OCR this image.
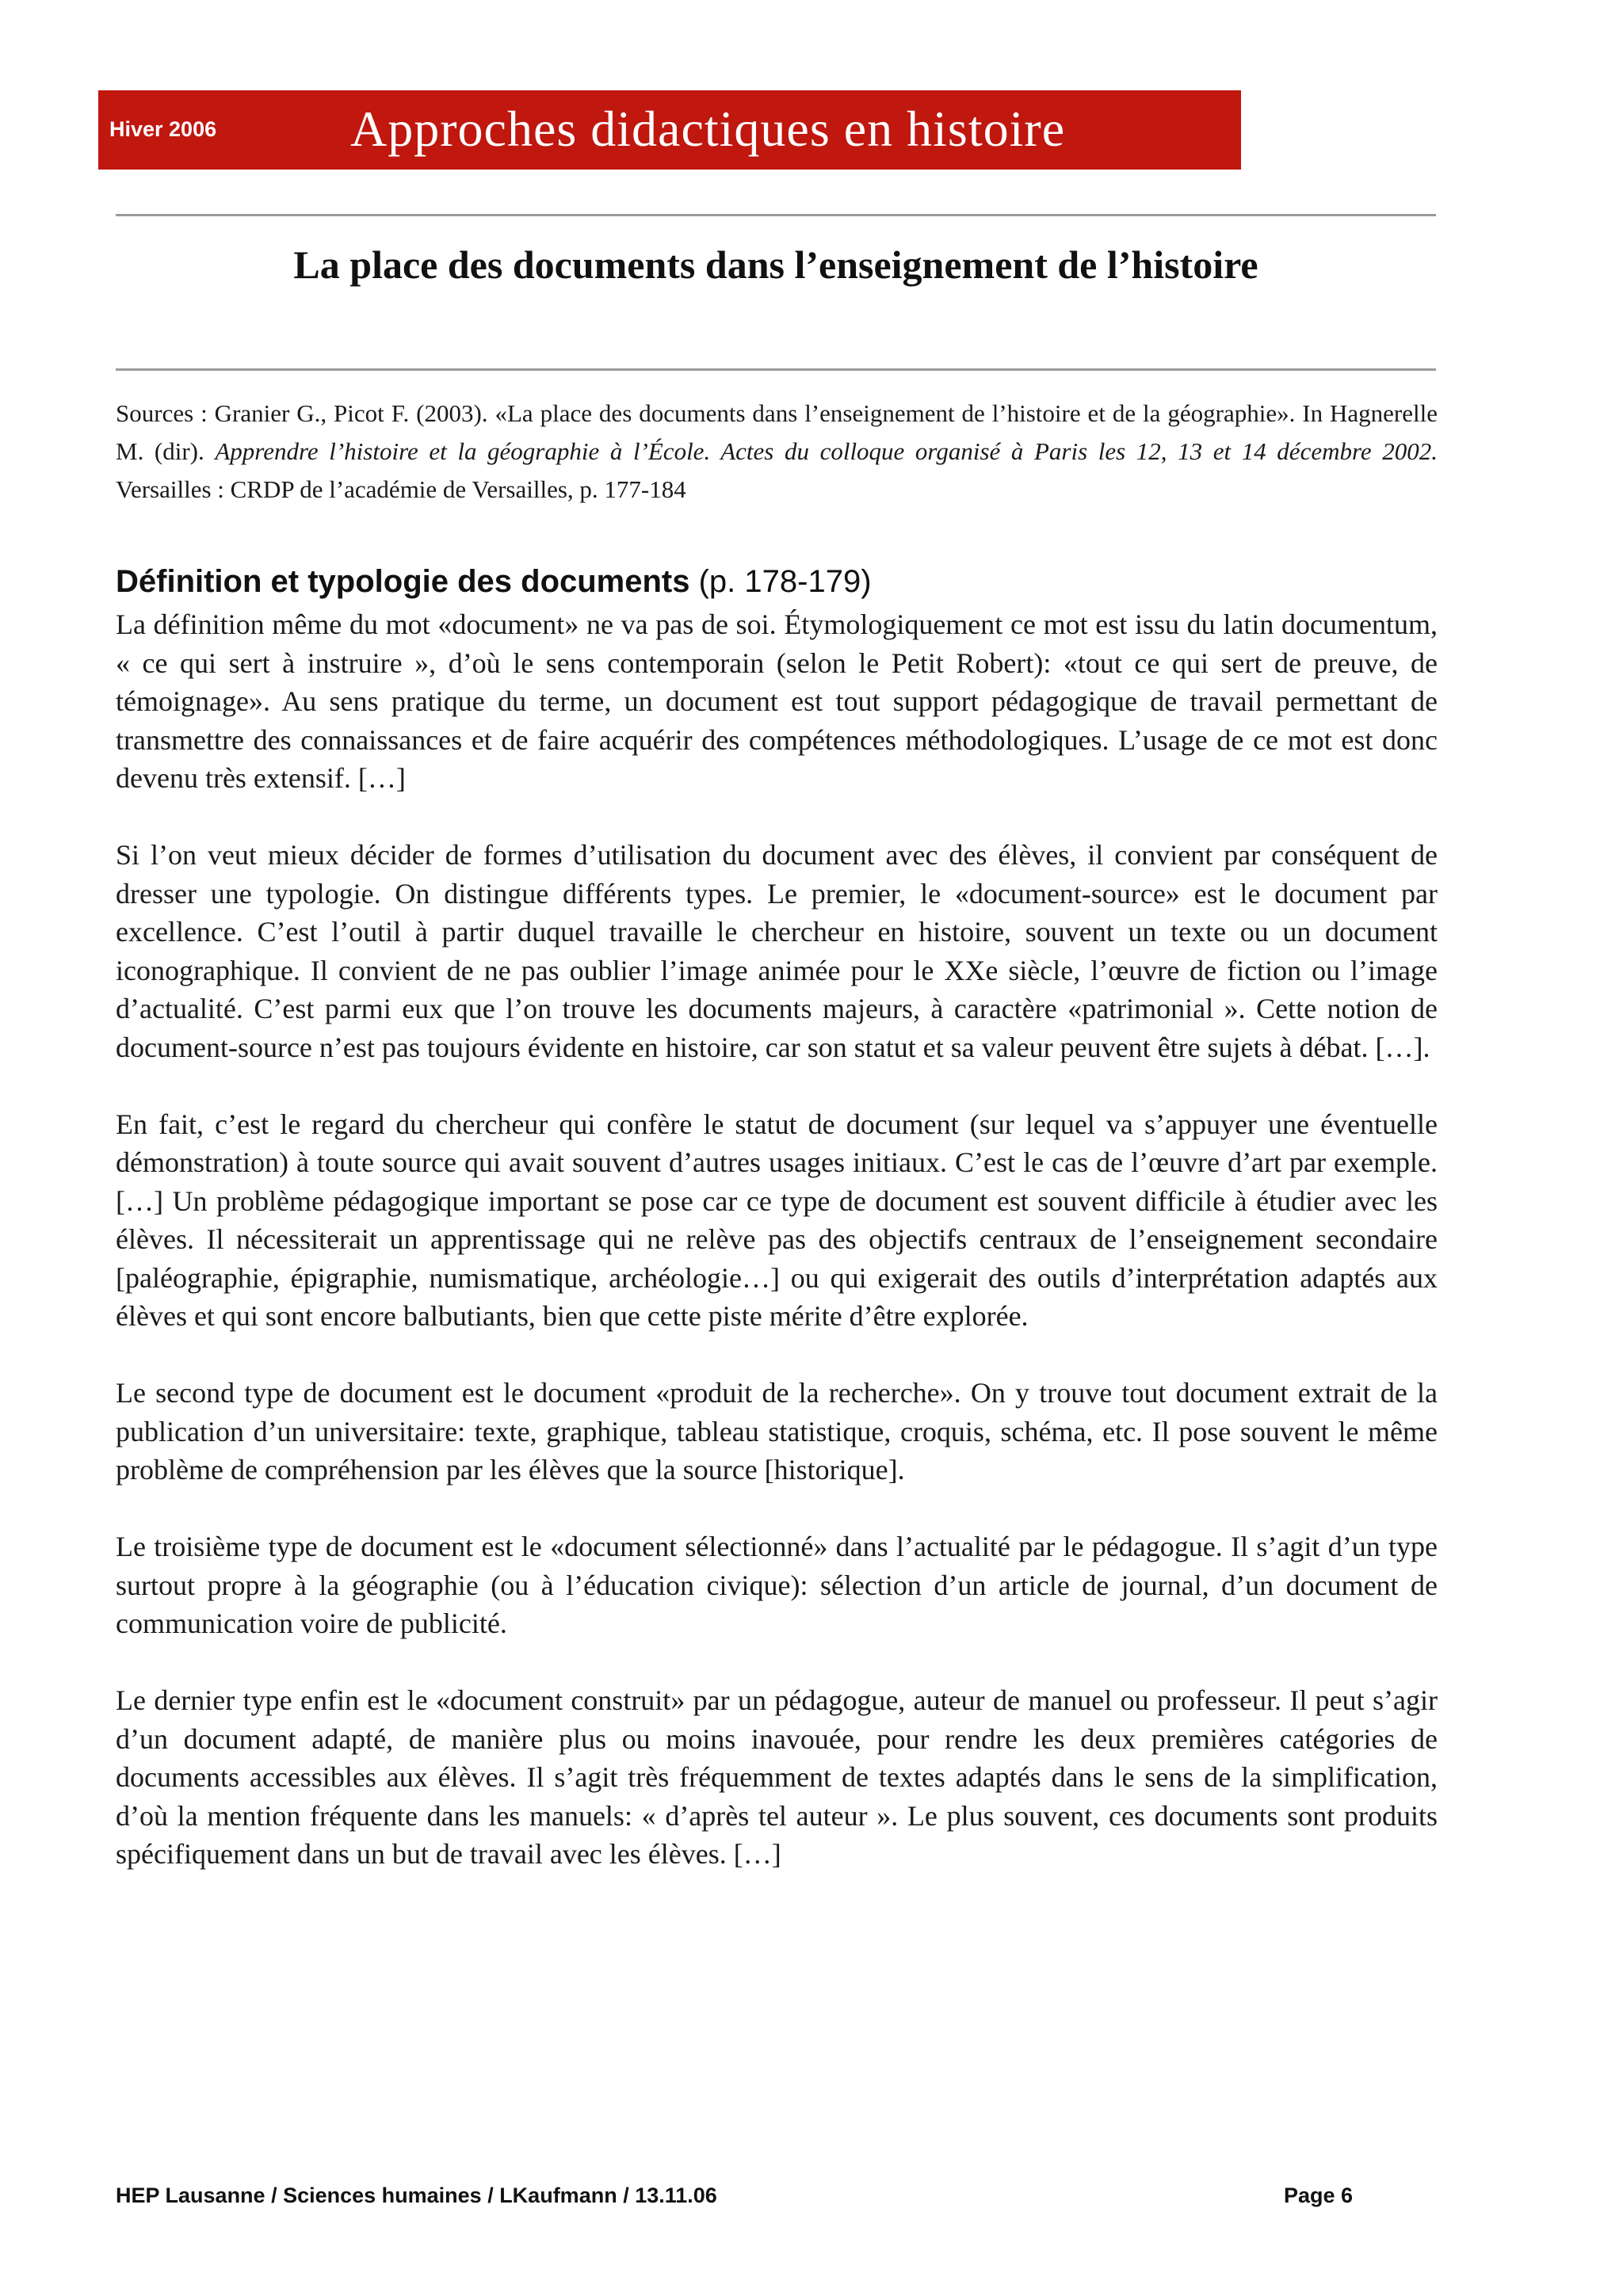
Hiver 2006	Approches didactiques en histoire
La place des documents dans l’enseignement de l’histoire
Sources : Granier G., Picot F. (2003). «La place des documents dans l’enseignement de l’histoire et de la géographie». In Hagnerelle M. (dir). Apprendre l’histoire et la géographie à l’École. Actes du colloque organisé à Paris les 12, 13 et 14 décembre 2002. Versailles : CRDP de l’académie de Versailles, p. 177-184
Définition et typologie des documents (p. 178-179)

La définition même du mot «document» ne va pas de soi. Étymologiquement ce mot est issu du latin documentum, « ce qui sert à instruire », d’où le sens contemporain (selon le Petit Robert): «tout ce qui sert de preuve, de témoignage». Au sens pratique du terme, un document est tout support pédagogique de travail permettant de transmettre des connaissances et de faire acquérir des compétences méthodologiques. L’usage de ce mot est donc devenu très extensif. […]

Si l’on veut mieux décider de formes d’utilisation du document avec des élèves, il convient par conséquent de dresser une typologie. On distingue différents types. Le premier, le «document-source» est le document par excellence. C’est l’outil à partir duquel travaille le chercheur en histoire, souvent un texte ou un document iconographique. Il convient de ne pas oublier l’image animée pour le XXe siècle, l’œuvre de fiction ou l’image d’actualité. C’est parmi eux que l’on trouve les documents majeurs, à caractère «patrimonial ». Cette notion de document-source n’est pas toujours évidente en histoire, car son statut et sa valeur peuvent être sujets à débat. […].

En fait, c’est le regard du chercheur qui confère le statut de document (sur lequel va s’appuyer une éventuelle démonstration) à toute source qui avait souvent d’autres usages initiaux. C’est le cas de l’œuvre d’art par exemple. […] Un problème pédagogique important se pose car ce type de document est souvent difficile à étudier avec les élèves. Il nécessiterait un apprentissage qui ne relève pas des objectifs centraux de l’enseignement secondaire [paléographie, épigraphie, numismatique, archéologie…] ou qui exigerait des outils d’interprétation adaptés aux élèves et qui sont encore balbutiants, bien que cette piste mérite d’être explorée.

Le second type de document est le document «produit de la recherche». On y trouve tout document extrait de la publication d’un universitaire: texte, graphique, tableau statistique, croquis, schéma, etc. Il pose souvent le même problème de compréhension par les élèves que la source [historique].

Le troisième type de document est le «document sélectionné» dans l’actualité par le pédagogue. Il s’agit d’un type surtout propre à la géographie (ou à l’éducation civique): sélection d’un article de journal, d’un document de communication voire de publicité.

Le dernier type enfin est le «document construit» par un pédagogue, auteur de manuel ou professeur. Il peut s’agir d’un document adapté, de manière plus ou moins inavouée, pour rendre les deux premières catégories de documents accessibles aux élèves. Il s’agit très fréquemment de textes adaptés dans le sens de la simplification, d’où la mention fréquente dans les manuels: « d’après tel auteur ». Le plus souvent, ces documents sont produits spécifiquement dans un but de travail avec les élèves. […]

HEP Lausanne / Sciences humaines / LKaufmann / 13.11.06	Page 6
